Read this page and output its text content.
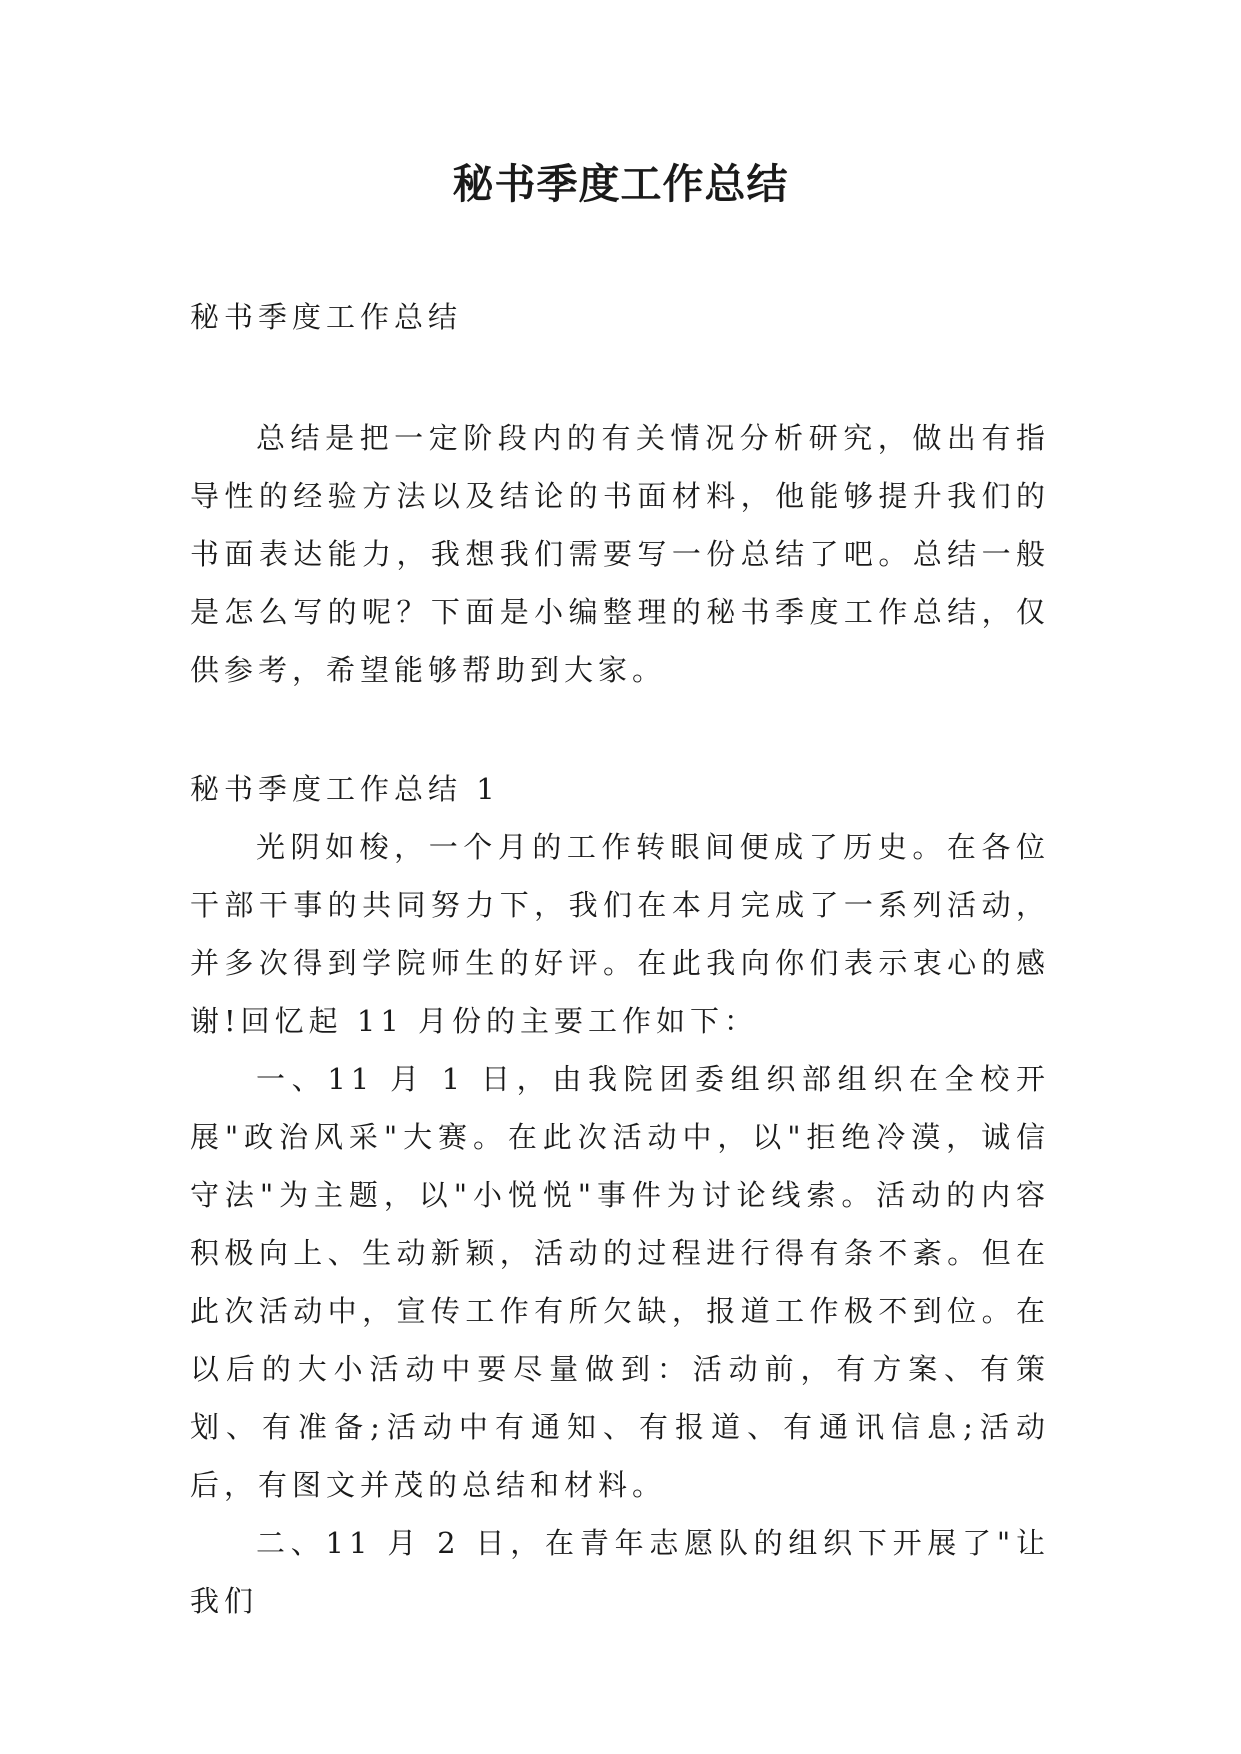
秘书季度工作总结

秘书季度工作总结

总结是把一定阶段内的有关情况分析研究，做出有指导性的经验方法以及结论的书面材料，他能够提升我们的书面表达能力，我想我们需要写一份总结了吧。总结一般是怎么写的呢？下面是小编整理的秘书季度工作总结，仅供参考，希望能够帮助到大家。

秘书季度工作总结 1

光阴如梭，一个月的工作转眼间便成了历史。在各位干部干事的共同努力下，我们在本月完成了一系列活动，并多次得到学院师生的好评。在此我向你们表示衷心的感谢!回忆起 11 月份的主要工作如下：

一、11 月 1 日，由我院团委组织部组织在全校开展"政治风采"大赛。在此次活动中，以"拒绝冷漠，诚信守法"为主题，以"小悦悦"事件为讨论线索。活动的内容积极向上、生动新颖，活动的过程进行得有条不紊。但在此次活动中，宣传工作有所欠缺，报道工作极不到位。在以后的大小活动中要尽量做到：活动前，有方案、有策划、有准备;活动中有通知、有报道、有通讯信息;活动后，有图文并茂的总结和材料。

二、11 月 2 日，在青年志愿队的组织下开展了"让我们
